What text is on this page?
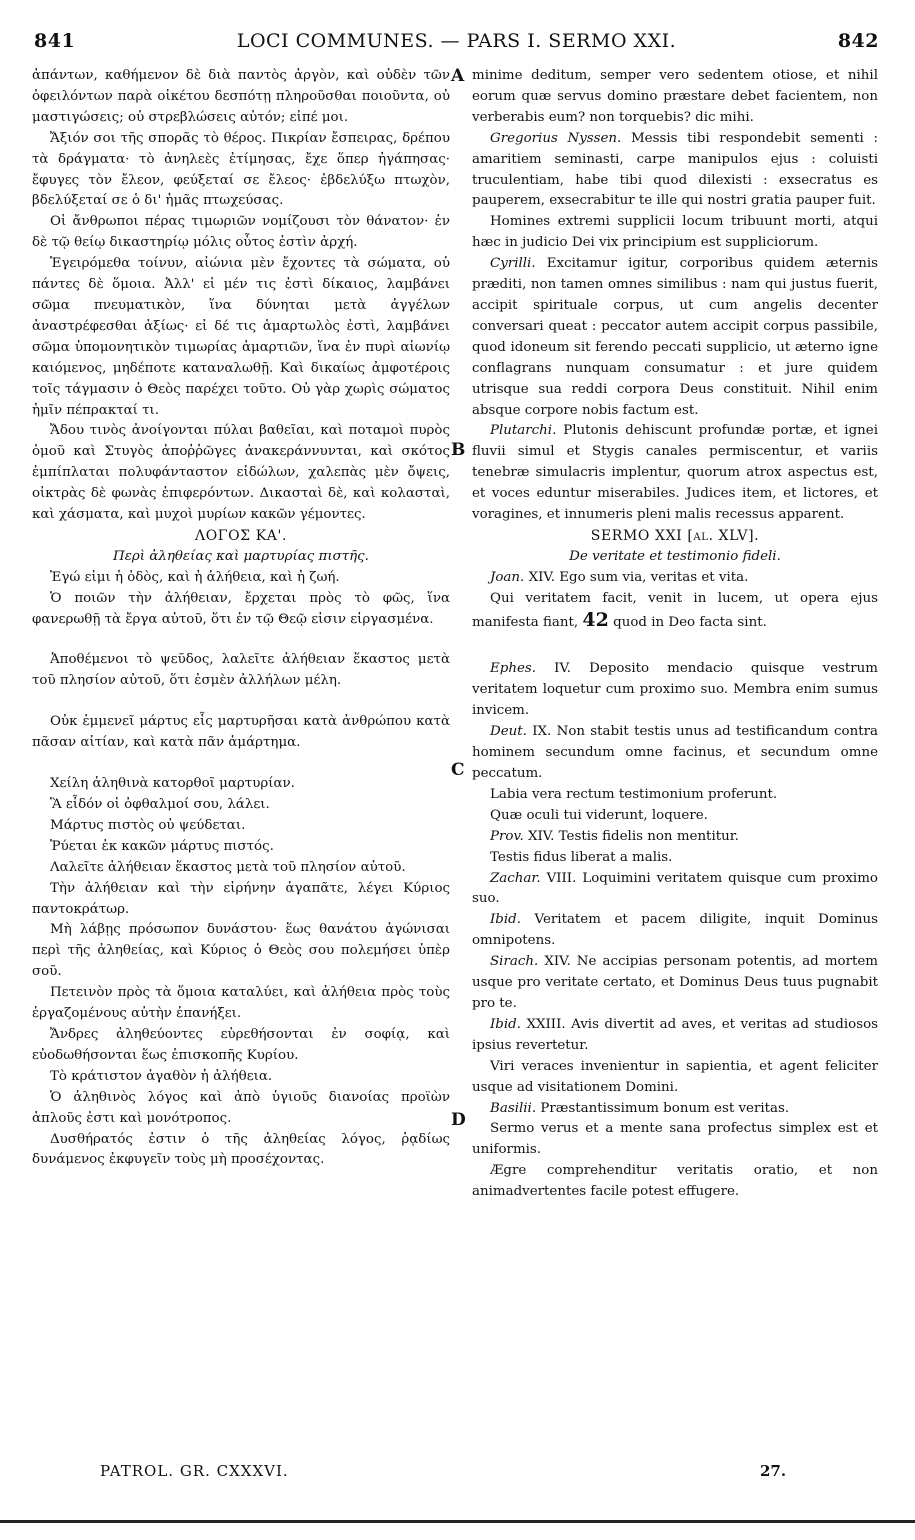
841	LOCI COMMUNES. — PARS I. SERMO XXI.	842

ἀπάντων, καθήμενον δὲ διὰ παντὸς ἀργὸν, καὶ οὐδὲν τῶν ὀφειλόντων παρὰ οἰκέτου δεσπότῃ πληροῦσθαι ποιοῦντα, οὐ μαστιγώσεις; οὐ στρεβλώσεις αὐτόν; εἰπέ μοι.

Ἄξιόν σοι τῆς σπορᾶς τὸ θέρος. Πικρίαν ἔσπειρας, δρέπου τὰ δράγματα· τὸ ἀνηλεὲς ἐτίμησας, ἔχε ὅπερ ἠγάπησας· ἔφυγες τὸν ἔλεον, φεύξεταί σε ἔλεος· ἐβδελύξω πτωχὸν, βδελύξεταί σε ὁ δι' ἡμᾶς πτωχεύσας.

Οἱ ἄνθρωποι πέρας τιμωριῶν νομίζουσι τὸν θάνατον· ἐν δὲ τῷ θείῳ δικαστηρίῳ μόλις οὗτος ἐστὶν ἀρχή.

Ἐγειρόμεθα τοίνυν, αἰώνια μὲν ἔχοντες τὰ σώματα, οὐ πάντες δὲ ὅμοια. Ἀλλ' εἰ μέν τις ἐστὶ δίκαιος, λαμβάνει σῶμα πνευματικὸν, ἵνα δύνηται μετὰ ἀγγέλων ἀναστρέφεσθαι ἀξίως· εἰ δέ τις ἁμαρτωλὸς ἐστὶ, λαμβάνει σῶμα ὑπομονητικὸν τιμωρίας ἁμαρτιῶν, ἵνα ἐν πυρὶ αἰωνίῳ καιόμενος, μηδέποτε καταναλωθῇ. Καὶ δικαίως ἀμφοτέροις τοῖς τάγμασιν ὁ Θεὸς παρέχει τοῦτο. Οὐ γὰρ χωρὶς σώματος ἡμῖν πέπρακταί τι.

Ἄδου τινὸς ἀνοίγονται πύλαι βαθεῖαι, καὶ ποταμοὶ πυρὸς ὁμοῦ καὶ Στυγὸς ἀποῤῥῶγες ἀνακεράννυνται, καὶ σκότος ἐμπίπλαται πολυφάνταστον εἰδώλων, χαλεπὰς μὲν ὄψεις, οἰκτρὰς δὲ φωνὰς ἐπιφερόντων. Δικασταὶ δὲ, καὶ κολασταὶ, καὶ χάσματα, καὶ μυχοὶ μυρίων κακῶν γέμοντες.

ΛΟΓΟΣ ΚΑ'.

Περὶ ἀληθείας καὶ μαρτυρίας πιστῆς.

Ἐγώ εἰμι ἡ ὁδὸς, καὶ ἡ ἀλήθεια, καὶ ἡ ζωή.

Ὁ ποιῶν τὴν ἀλήθειαν, ἔρχεται πρὸς τὸ φῶς, ἵνα φανερωθῇ τὰ ἔργα αὐτοῦ, ὅτι ἐν τῷ Θεῷ εἰσιν εἰργασμένα.

Ἀποθέμενοι τὸ ψεῦδος, λαλεῖτε ἀλήθειαν ἕκαστος μετὰ τοῦ πλησίον αὐτοῦ, ὅτι ἐσμὲν ἀλλήλων μέλη.

Οὐκ ἐμμενεῖ μάρτυς εἷς μαρτυρῆσαι κατὰ ἀνθρώπου κατὰ πᾶσαν αἰτίαν, καὶ κατὰ πᾶν ἁμάρτημα.

Χείλη ἀληθινὰ κατορθοῖ μαρτυρίαν.

Ἃ εἶδόν οἱ ὀφθαλμοί σου, λάλει.

Μάρτυς πιστὸς οὐ ψεύδεται.

Ῥύεται ἐκ κακῶν μάρτυς πιστός.

Λαλεῖτε ἀλήθειαν ἕκαστος μετὰ τοῦ πλησίον αὐτοῦ.

Τὴν ἀλήθειαν καὶ τὴν εἰρήνην ἀγαπᾶτε, λέγει Κύριος παντοκράτωρ.

Μὴ λάβῃς πρόσωπον δυνάστου· ἕως θανάτου ἀγώνισαι περὶ τῆς ἀληθείας, καὶ Κύριος ὁ Θεὸς σου πολεμήσει ὑπὲρ σοῦ.

Πετεινὸν πρὸς τὰ ὅμοια καταλύει, καὶ ἀλήθεια πρὸς τοὺς ἐργαζομένους αὐτὴν ἐπανήξει.

Ἄνδρες ἀληθεύοντες εὑρεθήσονται ἐν σοφίᾳ, καὶ εὐοδωθήσονται ἕως ἐπισκοπῆς Κυρίου.

Τὸ κράτιστον ἀγαθὸν ἡ ἀλήθεια.

Ὁ ἀληθινὸς λόγος καὶ ἀπὸ ὑγιοῦς διανοίας προϊὼν ἁπλοῦς ἐστι καὶ μονότροπος.

Δυσθήρατός ἐστιν ὁ τῆς ἀληθείας λόγος, ῥᾳδίως δυνάμενος ἐκφυγεῖν τοὺς μὴ προσέχοντας.

A
B
C
D

minime deditum, semper vero sedentem otiose, et nihil eorum quæ servus domino præstare debet facientem, non verberabis eum? non torquebis? dic mihi.

Gregorius Nyssen. Messis tibi respondebit sementi : amaritiem seminasti, carpe manipulos ejus : coluisti truculentiam, habe tibi quod dilexisti : exsecratus es pauperem, exsecrabitur te ille qui nostri gratia pauper fuit.

Homines extremi supplicii locum tribuunt morti, atqui hæc in judicio Dei vix principium est suppliciorum.

Cyrilli. Excitamur igitur, corporibus quidem æternis præditi, non tamen omnes similibus : nam qui justus fuerit, accipit spirituale corpus, ut cum angelis decenter conversari queat : peccator autem accipit corpus passibile, quod idoneum sit ferendo peccati supplicio, ut æterno igne conflagrans nunquam consumatur : et jure quidem utrisque sua reddi corpora Deus constituit. Nihil enim absque corpore nobis factum est.

Plutarchi. Plutonis dehiscunt profundæ portæ, et ignei fluvii simul et Stygis canales permiscentur, et variis tenebræ simulacris implentur, quorum atrox aspectus est, et voces eduntur miserabiles. Judices item, et lictores, et voragines, et innumeris pleni malis recessus apparent.

SERMO XXI [al. XLV].

De veritate et testimonio fideli.

Joan. XIV. Ego sum via, veritas et vita.

Qui veritatem facit, venit in lucem, ut opera ejus manifesta fiant, 42 quod in Deo facta sint.

Ephes. IV. Deposito mendacio quisque vestrum veritatem loquetur cum proximo suo. Membra enim sumus invicem.

Deut. IX. Non stabit testis unus ad testificandum contra hominem secundum omne facinus, et secundum omne peccatum.

Labia vera rectum testimonium proferunt.

Quæ oculi tui viderunt, loquere.

Prov. XIV. Testis fidelis non mentitur.

Testis fidus liberat a malis.

Zachar. VIII. Loquimini veritatem quisque cum proximo suo.

Ibid. Veritatem et pacem diligite, inquit Dominus omnipotens.

Sirach. XIV. Ne accipias personam potentis, ad mortem usque pro veritate certato, et Dominus Deus tuus pugnabit pro te.

Ibid. XXIII. Avis divertit ad aves, et veritas ad studiosos ipsius revertetur.

Viri veraces invenientur in sapientia, et agent feliciter usque ad visitationem Domini.

Basilii. Præstantissimum bonum est veritas.

Sermo verus et a mente sana profectus simplex est et uniformis.

Ægre comprehenditur veritatis oratio, et non animadvertentes facile potest effugere.

PATROL. GR. CXXXVI.	27.
